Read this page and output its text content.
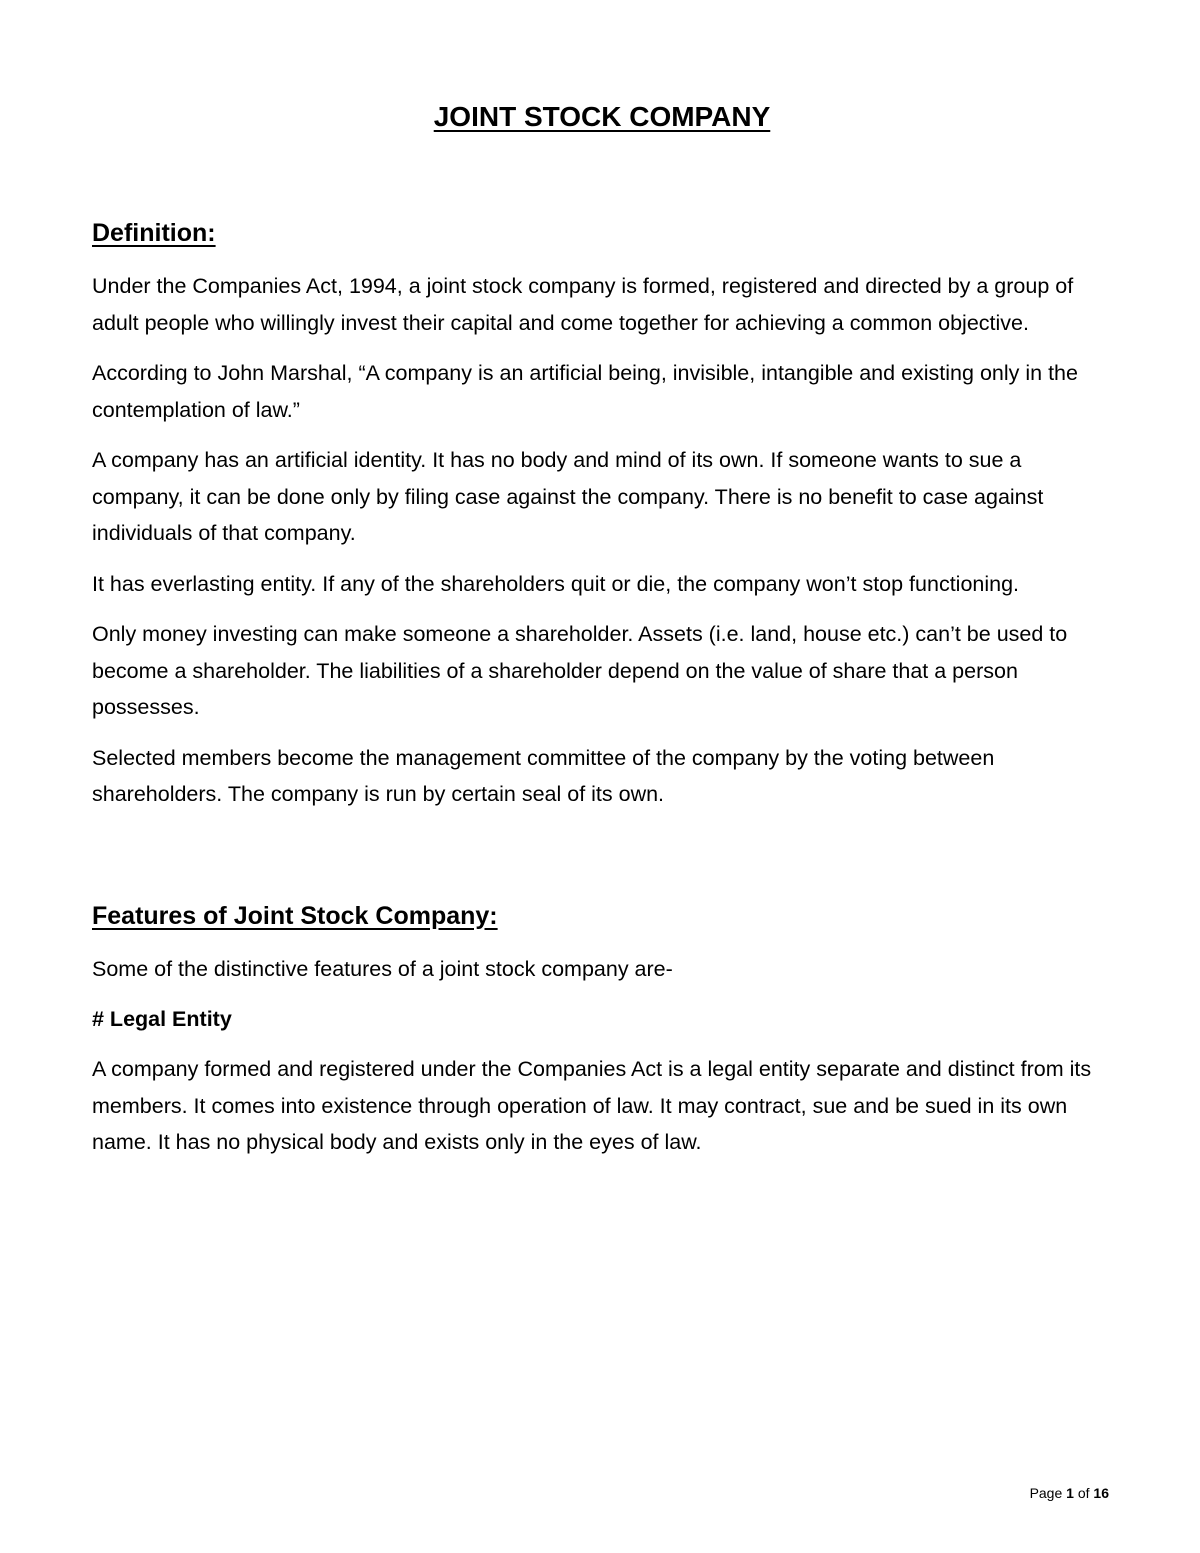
JOINT STOCK COMPANY
Definition:

Under the Companies Act, 1994, a joint stock company is formed, registered and directed by a group of adult people who willingly invest their capital and come together for achieving a common objective.

According to John Marshal, “A company is an artificial being, invisible, intangible and existing only in the contemplation of law.”

A company has an artificial identity. It has no body and mind of its own. If someone wants to sue a company, it can be done only by filing case against the company. There is no benefit to case against individuals of that company.

It has everlasting entity. If any of the shareholders quit or die, the company won’t stop functioning.

Only money investing can make someone a shareholder. Assets (i.e. land, house etc.) can’t be used to become a shareholder. The liabilities of a shareholder depend on the value of share that a person possesses.

Selected members become the management committee of the company by the voting between shareholders. The company is run by certain seal of its own.

Features of Joint Stock Company:

Some of the distinctive features of a joint stock company are-

# Legal Entity

A company formed and registered under the Companies Act is a legal entity separate and distinct from its members. It comes into existence through operation of law. It may contract, sue and be sued in its own name. It has no physical body and exists only in the eyes of law.

Page 1 of 16
